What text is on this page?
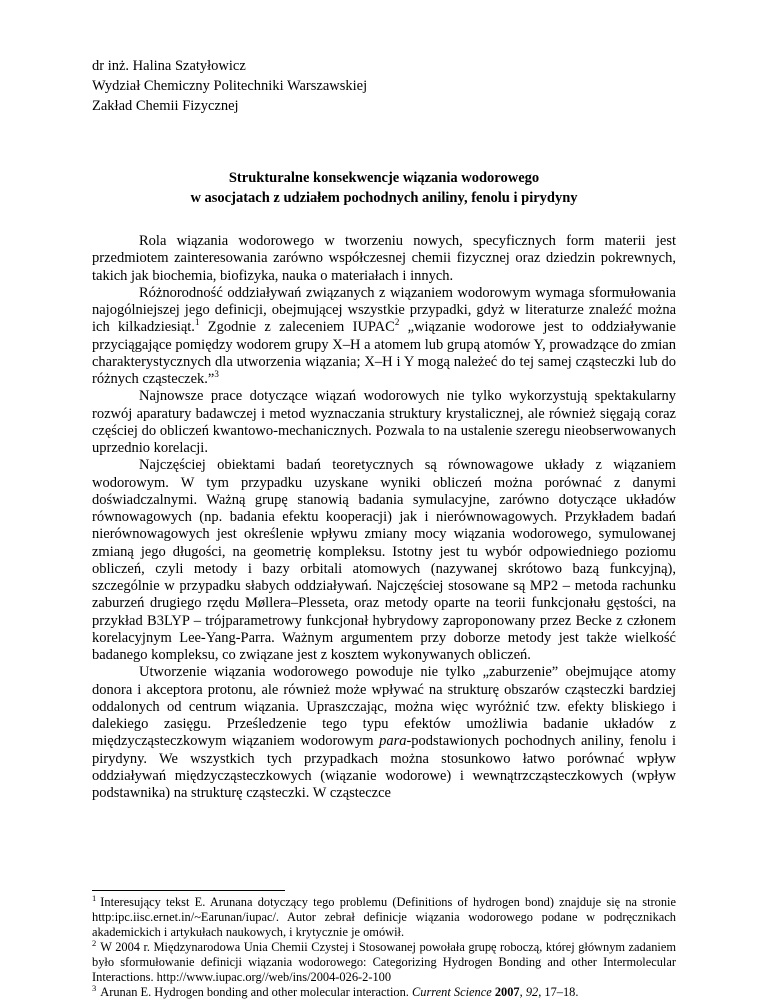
dr inż. Halina Szatyłowicz
Wydział Chemiczny Politechniki Warszawskiej
Zakład Chemii Fizycznej
Strukturalne konsekwencje wiązania wodorowego
w asocjatach z udziałem pochodnych aniliny, fenolu i pirydyny

Rola wiązania wodorowego w tworzeniu nowych, specyficznych form materii jest przedmiotem zainteresowania zarówno współczesnej chemii fizycznej oraz dziedzin pokrewnych, takich jak biochemia, biofizyka, nauka o materiałach i innych.

Różnorodność oddziaływań związanych z wiązaniem wodorowym wymaga sformułowania najogólniejszej jego definicji, obejmującej wszystkie przypadki, gdyż w literaturze znaleźć można ich kilkadziesiąt.$^1$ Zgodnie z zaleceniem IUPAC$^2$ „wiązanie wodorowe jest to oddziaływanie przyciągające pomiędzy wodorem grupy X–H a atomem lub grupą atomów Y, prowadzące do zmian charakterystycznych dla utworzenia wiązania; X–H i Y mogą należeć do tej samej cząsteczki lub do różnych cząsteczek.”$^3$

Najnowsze prace dotyczące wiązań wodorowych nie tylko wykorzystują spektakularny rozwój aparatury badawczej i metod wyznaczania struktury krystalicznej, ale również sięgają coraz częściej do obliczeń kwantowo-mechanicznych. Pozwala to na ustalenie szeregu nieobserwowanych uprzednio korelacji.

Najczęściej obiektami badań teoretycznych są równowagowe układy z wiązaniem wodorowym. W tym przypadku uzyskane wyniki obliczeń można porównać z danymi doświadczalnymi. Ważną grupę stanowią badania symulacyjne, zarówno dotyczące układów równowagowych (np. badania efektu kooperacji) jak i nierównowagowych. Przykładem badań nierównowagowych jest określenie wpływu zmiany mocy wiązania wodorowego, symulowanej zmianą jego długości, na geometrię kompleksu. Istotny jest tu wybór odpowiedniego poziomu obliczeń, czyli metody i bazy orbitali atomowych (nazywanej skrótowo bazą funkcyjną), szczególnie w przypadku słabych oddziaływań. Najczęściej stosowane są MP2 – metoda rachunku zaburzeń drugiego rzędu Møllera–Plesseta, oraz metody oparte na teorii funkcjonału gęstości, na przykład B3LYP – trójparametrowy funkcjonał hybrydowy zaproponowany przez Becke z członem korelacyjnym Lee-Yang-Parra. Ważnym argumentem przy doborze metody jest także wielkość badanego kompleksu, co związane jest z kosztem wykonywanych obliczeń.

Utworzenie wiązania wodorowego powoduje nie tylko „zaburzenie” obejmujące atomy donora i akceptora protonu, ale również może wpływać na strukturę obszarów cząsteczki bardziej oddalonych od centrum wiązania. Upraszczając, można więc wyróżnić tzw. efekty bliskiego i dalekiego zasięgu. Prześledzenie tego typu efektów umożliwia badanie układów z międzycząsteczkowym wiązaniem wodorowym para-podstawionych pochodnych aniliny, fenolu i pirydyny. We wszystkich tych przypadkach można stosunkowo łatwo porównać wpływ oddziaływań międzycząsteczkowych (wiązanie wodorowe) i wewnątrzcząsteczkowych (wpływ podstawnika) na strukturę cząsteczki. W cząsteczce

$^1$ Interesujący tekst E. Arunana dotyczący tego problemu (Definitions of hydrogen bond) znajduje się na stronie http:ipc.iisc.ernet.in/~Earunan/iupac/. Autor zebrał definicje wiązania wodorowego podane w podręcznikach akademickich i artykułach naukowych, i krytycznie je omówił.

$^2$ W 2004 r. Międzynarodowa Unia Chemii Czystej i Stosowanej powołała grupę roboczą, której głównym zadaniem było sformułowanie definicji wiązania wodorowego: Categorizing Hydrogen Bonding and other Intermolecular Interactions. http://www.iupac.org//web/ins/2004-026-2-100

$^3$ Arunan E. Hydrogen bonding and other molecular interaction. Current Science 2007, 92, 17–18.
